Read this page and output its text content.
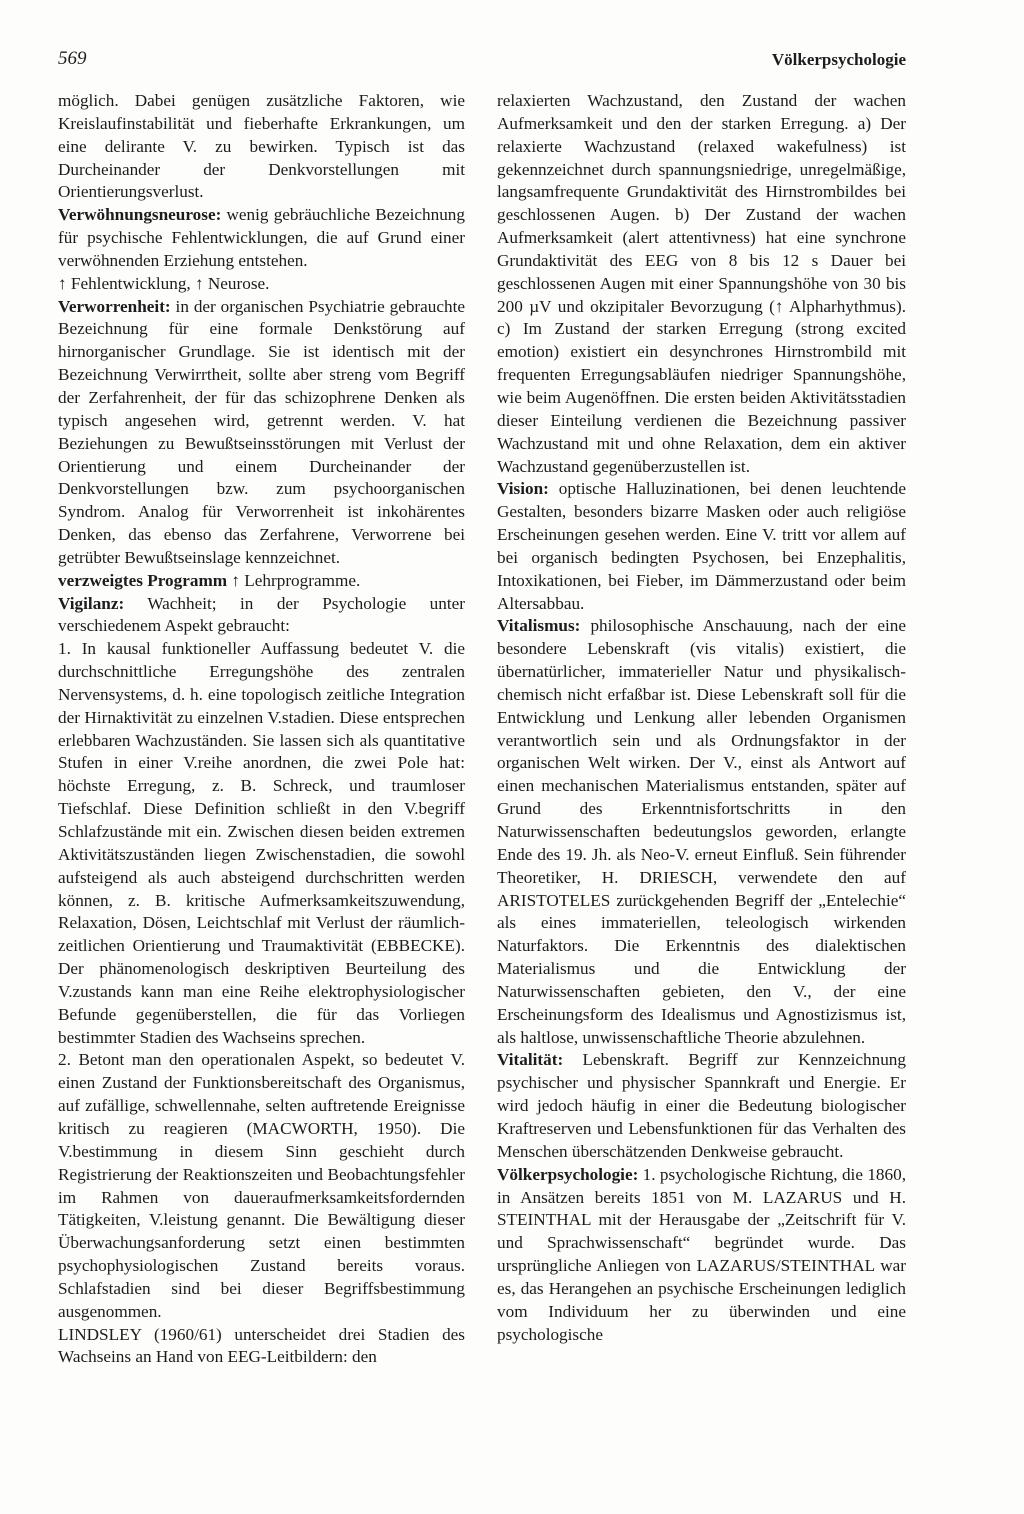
569	Völkerpsychologie

möglich. Dabei genügen zusätzliche Faktoren, wie Kreislaufinstabilität und fieberhafte Erkrankungen, um eine delirante V. zu bewirken. Typisch ist das Durcheinander der Denkvorstellungen mit Orientierungsverlust.

Verwöhnungsneurose: wenig gebräuchliche Bezeichnung für psychische Fehlentwicklungen, die auf Grund einer verwöhnenden Erziehung entstehen.

↑ Fehlentwicklung, ↑ Neurose.

Verworrenheit: in der organischen Psychiatrie gebrauchte Bezeichnung für eine formale Denkstörung auf hirnorganischer Grundlage. Sie ist identisch mit der Bezeichnung Verwirrtheit, sollte aber streng vom Begriff der Zerfahrenheit, der für das schizophrene Denken als typisch angesehen wird, getrennt werden. V. hat Beziehungen zu Bewußtseinsstörungen mit Verlust der Orientierung und einem Durcheinander der Denkvorstellungen bzw. zum psychoorganischen Syndrom. Analog für Verworrenheit ist inkohärentes Denken, das ebenso das Zerfahrene, Verworrene bei getrübter Bewußtseinslage kennzeichnet.

verzweigtes Programm ↑ Lehrprogramme.

Vigilanz: Wachheit; in der Psychologie unter verschiedenem Aspekt gebraucht:

1. In kausal funktioneller Auffassung bedeutet V. die durchschnittliche Erregungshöhe des zentralen Nervensystems, d. h. eine topologisch zeitliche Integration der Hirnaktivität zu einzelnen V.stadien. Diese entsprechen erlebbaren Wachzuständen. Sie lassen sich als quantitative Stufen in einer V.reihe anordnen, die zwei Pole hat: höchste Erregung, z. B. Schreck, und traumloser Tiefschlaf. Diese Definition schließt in den V.begriff Schlafzustände mit ein. Zwischen diesen beiden extremen Aktivitätszuständen liegen Zwischenstadien, die sowohl aufsteigend als auch absteigend durchschritten werden können, z. B. kritische Aufmerksamkeitszuwendung, Relaxation, Dösen, Leichtschlaf mit Verlust der räumlich-zeitlichen Orientierung und Traumaktivität (EBBECKE). Der phänomenologisch deskriptiven Beurteilung des V.zustands kann man eine Reihe elektrophysiologischer Befunde gegenüberstellen, die für das Vorliegen bestimmter Stadien des Wachseins sprechen.

2. Betont man den operationalen Aspekt, so bedeutet V. einen Zustand der Funktionsbereitschaft des Organismus, auf zufällige, schwellennahe, selten auftretende Ereignisse kritisch zu reagieren (MACWORTH, 1950). Die V.bestimmung in diesem Sinn geschieht durch Registrierung der Reaktionszeiten und Beobachtungsfehler im Rahmen von daueraufmerksamkeitsfordernden Tätigkeiten, V.leistung genannt. Die Bewältigung dieser Überwachungsanforderung setzt einen bestimmten psychophysiologischen Zustand bereits voraus. Schlafstadien sind bei dieser Begriffsbestimmung ausgenommen.

LINDSLEY (1960/61) unterscheidet drei Stadien des Wachseins an Hand von EEG-Leitbildern: den

relaxierten Wachzustand, den Zustand der wachen Aufmerksamkeit und den der starken Erregung. a) Der relaxierte Wachzustand (relaxed wakefulness) ist gekennzeichnet durch spannungsniedrige, unregelmäßige, langsamfrequente Grundaktivität des Hirnstrombildes bei geschlossenen Augen. b) Der Zustand der wachen Aufmerksamkeit (alert attentivness) hat eine synchrone Grundaktivität des EEG von 8 bis 12 s Dauer bei geschlossenen Augen mit einer Spannungshöhe von 30 bis 200 µV und okzipitaler Bevorzugung (↑ Alpharhythmus). c) Im Zustand der starken Erregung (strong excited emotion) existiert ein desynchrones Hirnstrombild mit frequenten Erregungsabläufen niedriger Spannungshöhe, wie beim Augenöffnen. Die ersten beiden Aktivitätsstadien dieser Einteilung verdienen die Bezeichnung passiver Wachzustand mit und ohne Relaxation, dem ein aktiver Wachzustand gegenüberzustellen ist.

Vision: optische Halluzinationen, bei denen leuchtende Gestalten, besonders bizarre Masken oder auch religiöse Erscheinungen gesehen werden. Eine V. tritt vor allem auf bei organisch bedingten Psychosen, bei Enzephalitis, Intoxikationen, bei Fieber, im Dämmerzustand oder beim Altersabbau.

Vitalismus: philosophische Anschauung, nach der eine besondere Lebenskraft (vis vitalis) existiert, die übernatürlicher, immaterieller Natur und physikalisch-chemisch nicht erfaßbar ist. Diese Lebenskraft soll für die Entwicklung und Lenkung aller lebenden Organismen verantwortlich sein und als Ordnungsfaktor in der organischen Welt wirken. Der V., einst als Antwort auf einen mechanischen Materialismus entstanden, später auf Grund des Erkenntnisfortschritts in den Naturwissenschaften bedeutungslos geworden, erlangte Ende des 19. Jh. als Neo-V. erneut Einfluß. Sein führender Theoretiker, H. DRIESCH, verwendete den auf ARISTOTELES zurückgehenden Begriff der „Entelechie“ als eines immateriellen, teleologisch wirkenden Naturfaktors. Die Erkenntnis des dialektischen Materialismus und die Entwicklung der Naturwissenschaften gebieten, den V., der eine Erscheinungsform des Idealismus und Agnostizismus ist, als haltlose, unwissenschaftliche Theorie abzulehnen.

Vitalität: Lebenskraft. Begriff zur Kennzeichnung psychischer und physischer Spannkraft und Energie. Er wird jedoch häufig in einer die Bedeutung biologischer Kraftreserven und Lebensfunktionen für das Verhalten des Menschen überschätzenden Denkweise gebraucht.

Völkerpsychologie: 1. psychologische Richtung, die 1860, in Ansätzen bereits 1851 von M. LAZARUS und H. STEINTHAL mit der Herausgabe der „Zeitschrift für V. und Sprachwissenschaft“ begründet wurde. Das ursprüngliche Anliegen von LAZARUS/STEINTHAL war es, das Herangehen an psychische Erscheinungen lediglich vom Individuum her zu überwinden und eine psychologische
